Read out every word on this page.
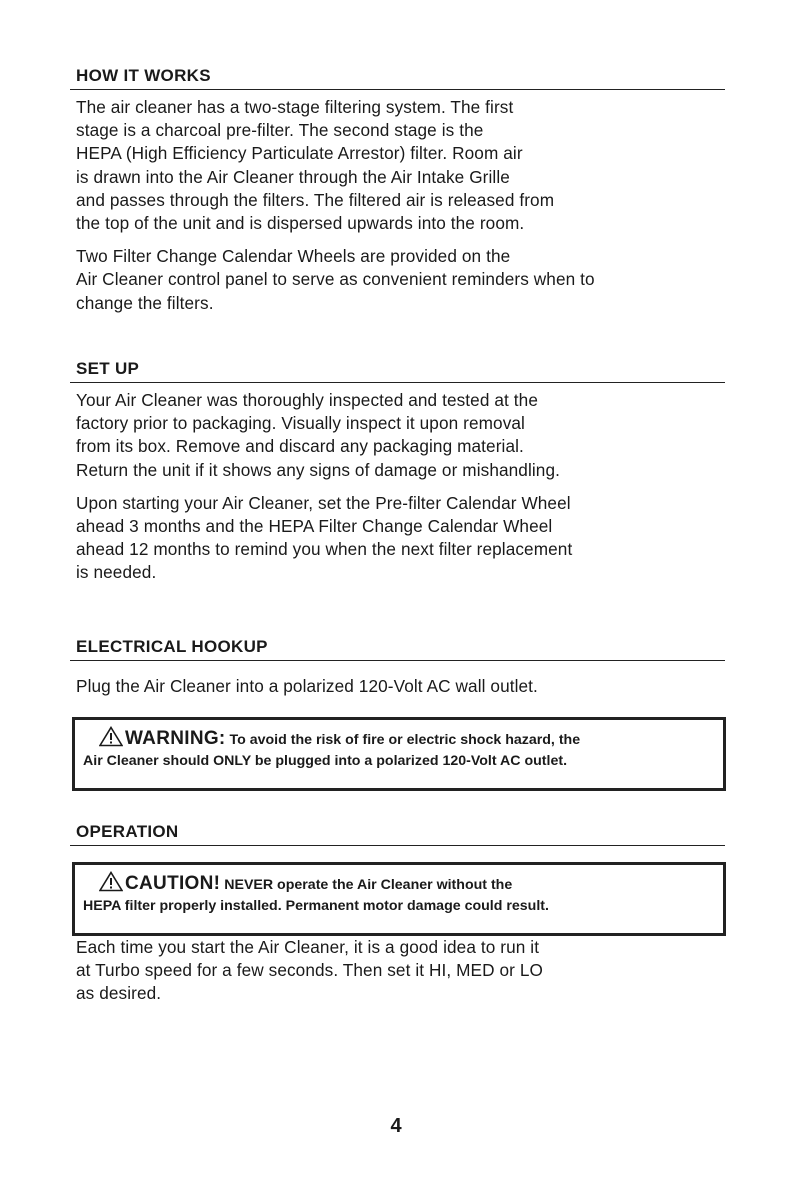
HOW IT WORKS
The air cleaner has a two-stage filtering system. The first
stage is a charcoal pre-filter. The second stage is the
HEPA (High Efficiency Particulate Arrestor) filter. Room air
is drawn into the Air Cleaner through the Air Intake Grille
and passes through the filters. The filtered air is released from
the top of the unit and is dispersed upwards into the room.
Two Filter Change Calendar Wheels are provided on the
Air Cleaner control panel to serve as convenient reminders when to
change the filters.
SET UP
Your Air Cleaner was thoroughly inspected and tested at the
factory prior to packaging. Visually inspect it upon removal
from its box. Remove and discard any packaging material.
Return the unit if it shows any signs of damage or mishandling.
Upon starting your Air Cleaner, set the Pre-filter Calendar Wheel
ahead 3 months and the HEPA Filter Change Calendar Wheel
ahead 12 months to remind you when the next filter replacement
is needed.
ELECTRICAL HOOKUP
Plug the Air Cleaner into a polarized 120-Volt AC wall outlet.
WARNING: To avoid the risk of fire or electric shock hazard, the
Air Cleaner should ONLY be plugged into a polarized 120-Volt AC outlet.
OPERATION
CAUTION! NEVER operate the Air Cleaner without the
HEPA filter properly installed. Permanent motor damage could result.
Each time you start the Air Cleaner, it is a good idea to run it
at Turbo speed for a few seconds. Then set it HI, MED or LO
as desired.
4
